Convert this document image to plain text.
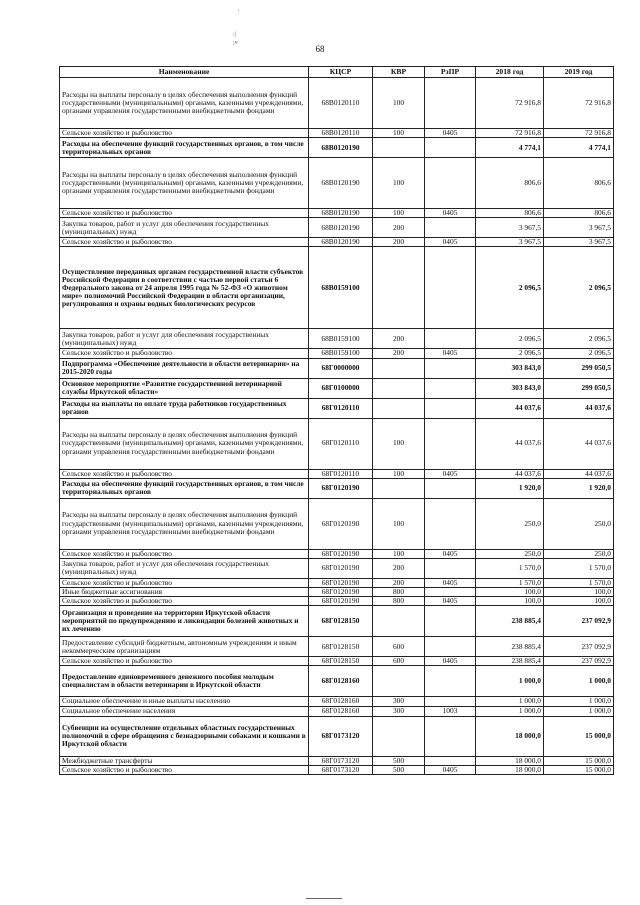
'
:|
;v
68
Наименование	КЦСР	КВР	РзПР	2018 год	2019 год
Расходы на выплаты персоналу в целях обеспечения выполнения функций государственными (муниципальными) органами, казенными учреждениями, органами управления государственными внебюджетными фондами	68В0120110	100		72 916,8	72 916,8
Сельское хозяйство и рыболовство	68В0120110	100	0405	72 916,8	72 916,8
Расходы на обеспечение функций государственных органов, в том числе территориальных органов	68В0120190			4 774,1	4 774,1
Расходы на выплаты персоналу в целях обеспечения выполнения функций государственными (муниципальными) органами, казенными учреждениями, органами управления государственными внебюджетными фондами	68В0120190	100		806,6	806,6
Сельское хозяйство и рыболовство	68В0120190	100	0405	806,6	806,6
Закупка товаров, работ и услуг для обеспечения государственных (муниципальных) нужд	68В0120190	200		3 967,5	3 967,5
Сельское хозяйство и рыболовство	68В0120190	200	0405	3 967,5	3 967,5
Осуществление переданных органам государственной власти субъектов Российской Федерации в соответствии с частью первой статьи 6 Федерального закона от 24 апреля 1995 года № 52-ФЗ «О животном мире» полномочий Российской Федерации в области организации, регулирования и охраны водных биологических ресурсов	68В0159100			2 096,5	2 096,5
Закупка товаров, работ и услуг для обеспечения государственных (муниципальных) нужд	68В0159100	200		2 096,5	2 096,5
Сельское хозяйство и рыболовство	68В0159100	200	0405	2 096,5	2 096,5
Подпрограмма «Обеспечение деятельности в области ветеринарии» на 2015-2020 годы	68Г0000000			303 843,0	299 050,5
Основное мероприятие «Развитие государственной ветеринарной службы Иркутской области»	68Г0100000			303 843,0	299 050,5
Расходы на выплаты по оплате труда работников государственных органов	68Г0120110			44 037,6	44 037,6
Расходы на выплаты персоналу в целях обеспечения выполнения функций государственными (муниципальными) органами, казенными учреждениями, органами управления государственными внебюджетными фондами	68Г0120110	100		44 037,6	44 037,6
Сельское хозяйство и рыболовство	68Г0120110	100	0405	44 037,6	44 037,6
Расходы на обеспечение функций государственных органов, в том числе территориальных органов	68Г0120190			1 920,0	1 920,0
Расходы на выплаты персоналу в целях обеспечения выполнения функций государственными (муниципальными) органами, казенными учреждениями, органами управления государственными внебюджетными фондами	68Г0120190	100		250,0	250,0
Сельское хозяйство и рыболовство	68Г0120190	100	0405	250,0	250,0
Закупка товаров, работ и услуг для обеспечения государственных (муниципальных) нужд	68Г0120190	200		1 570,0	1 570,0
Сельское хозяйство и рыболовство	68Г0120190	200	0405	1 570,0	1 570,0
Иные бюджетные ассигнования	68Г0120190	800		100,0	100,0
Сельское хозяйство и рыболовство	68Г0120190	800	0405	100,0	100,0
Организация и проведение на территории Иркутской области мероприятий по предупреждению и ликвидации болезней животных и их лечению	68Г0128150			238 885,4	237 092,9
Предоставление субсидий бюджетным, автономным учреждениям и иным некоммерческим организациям	68Г0128150	600		238 885,4	237 092,9
Сельское хозяйство и рыболовство	68Г0128150	600	0405	238 885,4	237 092,9
Предоставление единовременного денежного пособия молодым специалистам в области ветеринарии в Иркутской области	68Г0128160			1 000,0	1 000,0
Социальное обеспечение и иные выплаты населению	68Г0128160	300		1 000,0	1 000,0
Социальное обеспечение населения	68Г0128160	300	1003	1 000,0	1 000,0
Субвенции на осуществление отдельных областных государственных полномочий в сфере обращения с безнадзорными собаками и кошками в Иркутской области	68Г0173120			18 000,0	15 000,0
Межбюджетные трансферты	68Г0173120	500		18 000,0	15 000,0
Сельское хозяйство и рыболовство	68Г0173120	500	0405	18 000,0	15 000,0
